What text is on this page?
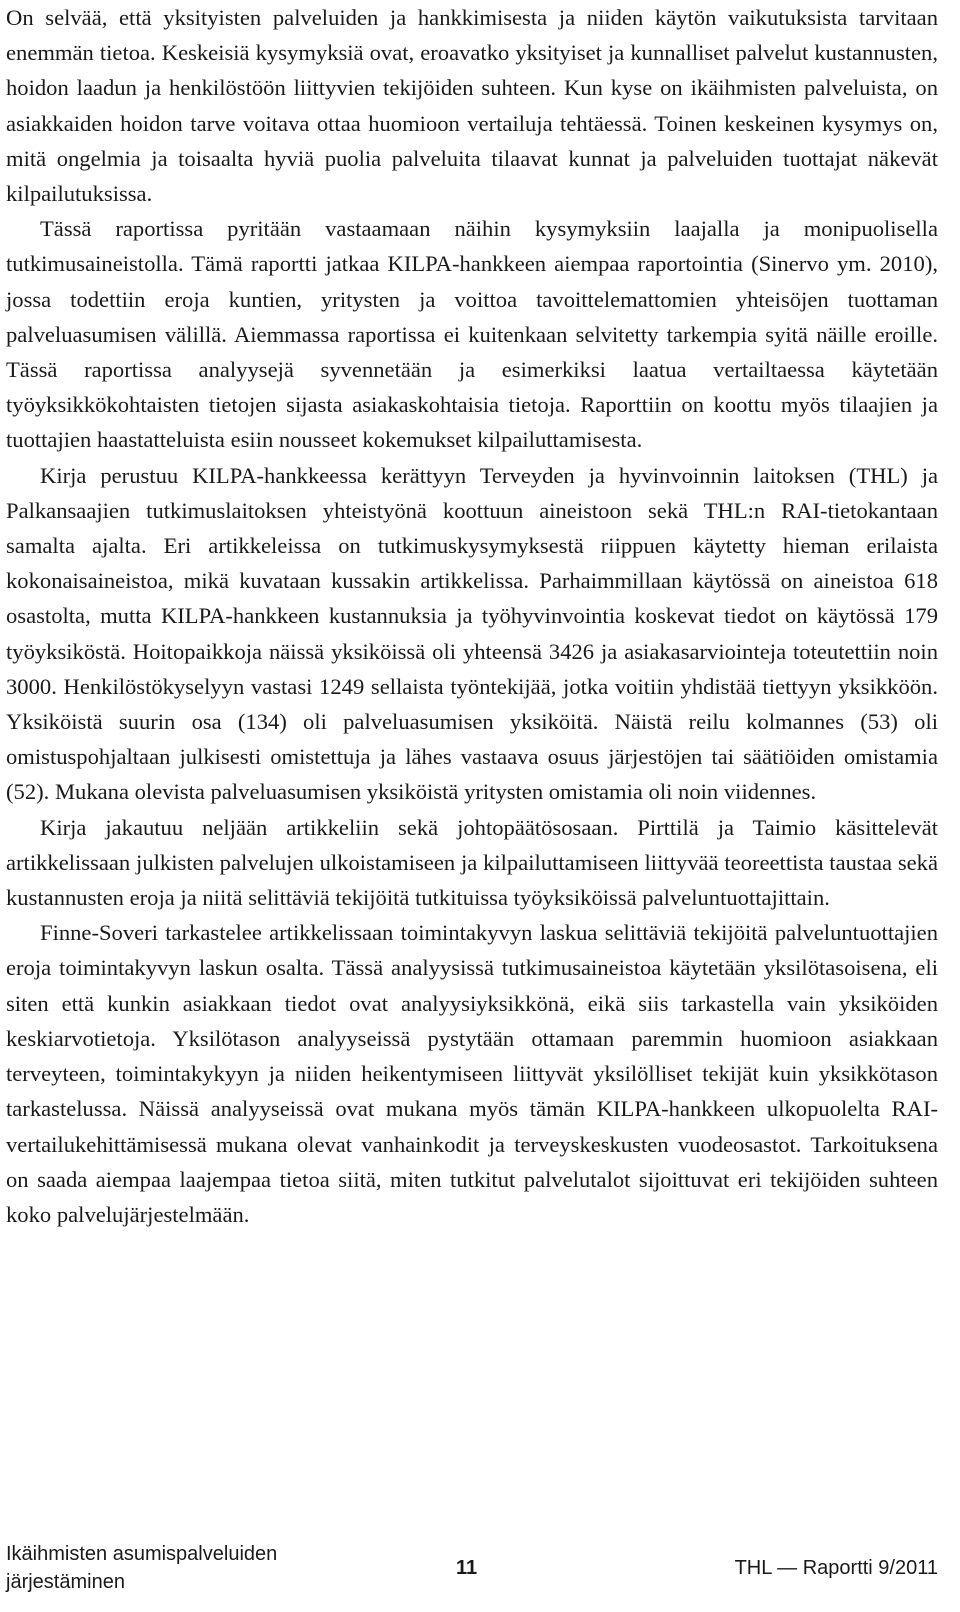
On selvää, että yksityisten palveluiden ja hankkimisesta ja niiden käytön vaikutuksista tarvitaan enemmän tietoa. Keskeisiä kysymyksiä ovat, eroavatko yksityiset ja kunnalliset palvelut kustannusten, hoidon laadun ja henkilöstöön liittyvien tekijöiden suhteen. Kun kyse on ikäihmisten palveluista, on asiakkaiden hoidon tarve voitava ottaa huomioon vertailuja tehtäessä. Toinen keskeinen kysymys on, mitä ongelmia ja toisaalta hyviä puolia palveluita tilaavat kunnat ja palveluiden tuottajat näkevät kilpailutuksissa.

Tässä raportissa pyritään vastaamaan näihin kysymyksiin laajalla ja monipuolisella tutkimusaineistolla. Tämä raportti jatkaa KILPA-hankkeen aiempaa raportointia (Sinervo ym. 2010), jossa todettiin eroja kuntien, yritysten ja voittoa tavoittelemattomien yhteisöjen tuottaman palveluasumisen välillä. Aiemmassa raportissa ei kuitenkaan selvitetty tarkempia syitä näille eroille. Tässä raportissa analyysejä syvennetään ja esimerkiksi laatua vertailtaessa käytetään työyksikkökohtaisten tietojen sijasta asiakaskohtaisia tietoja. Raporttiin on koottu myös tilaajien ja tuottajien haastatteluista esiin nousseet kokemukset kilpailuttamisesta.

Kirja perustuu KILPA-hankkeessa kerättyyn Terveyden ja hyvinvoinnin laitoksen (THL) ja Palkansaajien tutkimuslaitoksen yhteistyönä koottuun aineistoon sekä THL:n RAI-tietokantaan samalta ajalta. Eri artikkeleissa on tutkimuskysymyksestä riippuen käytetty hieman erilaista kokonaisaineistoa, mikä kuvataan kussakin artikkelissa. Parhaimmillaan käytössä on aineistoa 618 osastolta, mutta KILPA-hankkeen kustannuksia ja työhyvinvointia koskevat tiedot on käytössä 179 työyksiköstä. Hoitopaikkoja näissä yksiköissä oli yhteensä 3426 ja asiakasarviointeja toteutettiin noin 3000. Henkilöstökyselyyn vastasi 1249 sellaista työntekijää, jotka voitiin yhdistää tiettyyn yksikköön. Yksiköistä suurin osa (134) oli palveluasumisen yksiköitä. Näistä reilu kolmannes (53) oli omistuspohjaltaan julkisesti omistettuja ja lähes vastaava osuus järjestöjen tai säätiöiden omistamia (52). Mukana olevista palveluasumisen yksiköistä yritysten omistamia oli noin viidennes.

Kirja jakautuu neljään artikkeliin sekä johtopäätösosaan. Pirttilä ja Taimio käsittelevät artikkelissaan julkisten palvelujen ulkoistamiseen ja kilpailuttamiseen liittyvää teoreettista taustaa sekä kustannusten eroja ja niitä selittäviä tekijöitä tutkituissa työyksiköissä palveluntuottajittain.

Finne-Soveri tarkastelee artikkelissaan toimintakyvyn laskua selittäviä tekijöitä palveluntuottajien eroja toimintakyvyn laskun osalta. Tässä analyysissä tutkimusaineistoa käytetään yksilötasoisena, eli siten että kunkin asiakkaan tiedot ovat analyysiyksikkönä, eikä siis tarkastella vain yksiköiden keskiarvotietoja. Yksilötason analyyseissä pystytään ottamaan paremmin huomioon asiakkaan terveyteen, toimintakykyyn ja niiden heikentymiseen liittyvät yksilölliset tekijät kuin yksikkötason tarkastelussa. Näissä analyyseissä ovat mukana myös tämän KILPA-hankkeen ulkopuolelta RAI-vertailukehittämisessä mukana olevat vanhainkodit ja terveyskeskusten vuodeosastot. Tarkoituksena on saada aiempaa laajempaa tietoa siitä, miten tutkitut palvelutalot sijoittuvat eri tekijöiden suhteen koko palvelujärjestelmään.

Ikäihmisten asumispalveluiden järjestäminen
11	THL — Raportti 9/2011
